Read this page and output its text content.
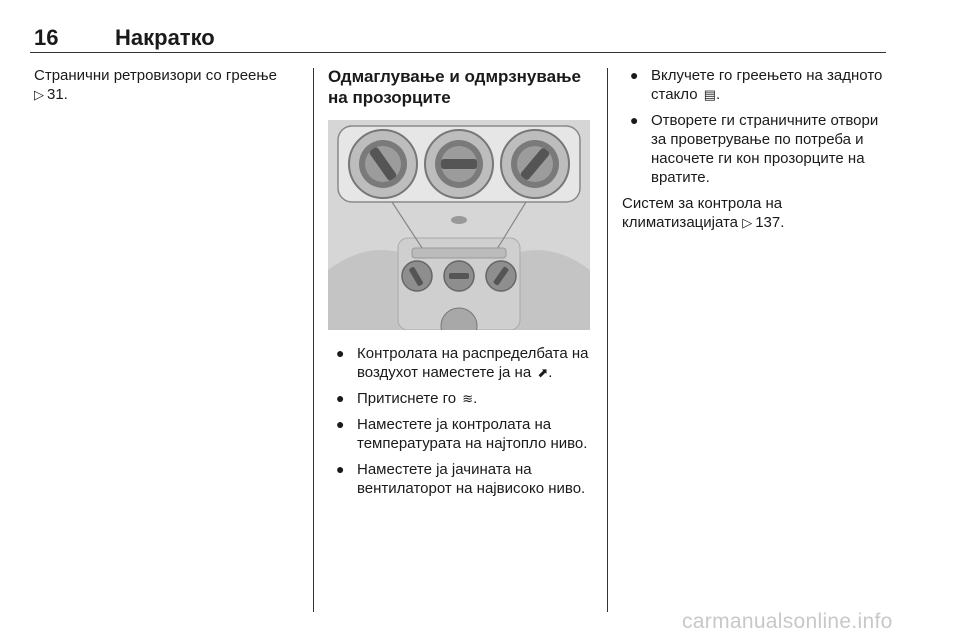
16	Накратко

Странични ретровизори со греење
▷ 31.

Одмаглување и одмрзнување на прозорците

● Контролата на распределбата на воздухот наместете ја на ⬈.
● Притиснете го ≋.
● Наместете ја контролата на температурата на најтопло ниво.
● Наместете ја јачината на вентилаторот на највисоко ниво.
● Вклучете го греењето на задното стакло ▤.
● Отворете ги страничните отвори за проветрување по потреба и насочете ги кон прозорците на вратите.

Систем за контрола на климатизацијата ▷ 137.

carmanualsonline.info
